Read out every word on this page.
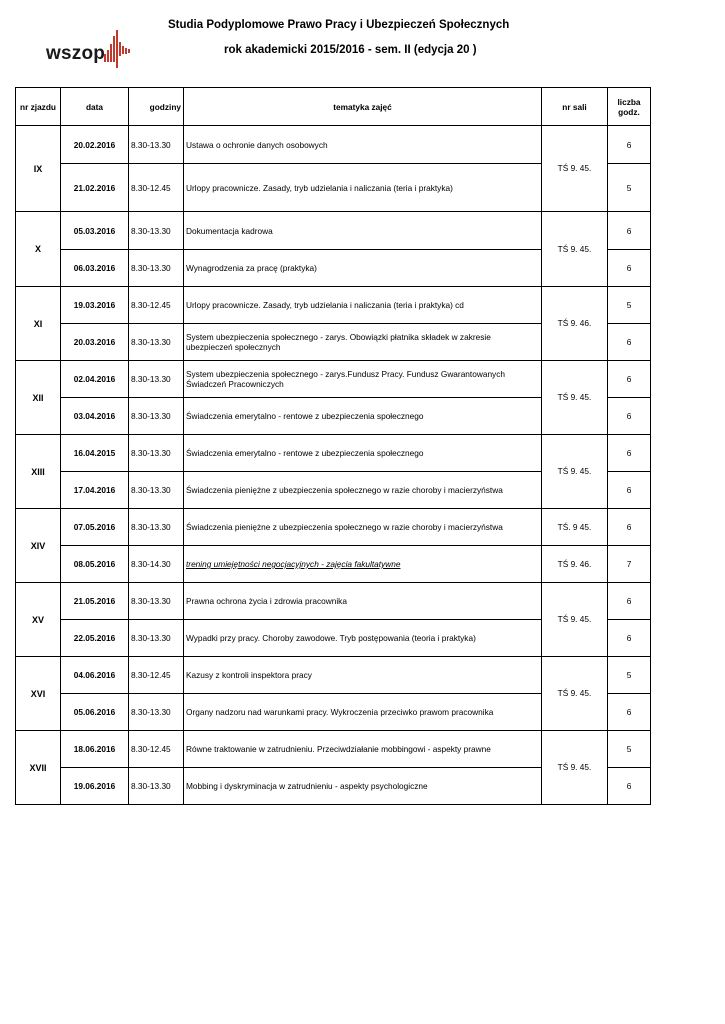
wszop
Studia Podyplomowe Prawo Pracy i Ubezpieczeń Społecznych
rok akademicki 2015/2016 - sem. II (edycja 20 )
nr zjazdu	data	godziny	tematyka zajęć	nr sali	liczba godz.
IX	20.02.2016	8.30-13.30	Ustawa o ochronie danych osobowych	TŚ 9. 45.	6
	21.02.2016	8.30-12.45	Urlopy pracownicze. Zasady, tryb udzielania i naliczania (teria i praktyka)		5
X	05.03.2016	8.30-13.30	Dokumentacja kadrowa	TŚ 9. 45.	6
	06.03.2016	8.30-13.30	Wynagrodzenia za pracę (praktyka)		6
XI	19.03.2016	8.30-12.45	Urlopy pracownicze. Zasady, tryb udzielania i naliczania (teria i praktyka) cd	TŚ 9. 46.	5
	20.03.2016	8.30-13.30	System ubezpieczenia społecznego - zarys. Obowiązki płatnika składek w zakresie ubezpieczeń społecznych		6
XII	02.04.2016	8.30-13.30	System ubezpieczenia społecznego - zarys.Fundusz Pracy. Fundusz Gwarantowanych Świadczeń Pracowniczych	TŚ 9. 45.	6
	03.04.2016	8.30-13.30	Świadczenia emerytalno - rentowe z ubezpieczenia społecznego		6
XIII	16.04.2015	8.30-13.30	Świadczenia emerytalno - rentowe z ubezpieczenia społecznego	TŚ 9. 45.	6
	17.04.2016	8.30-13.30	Świadczenia pieniężne z ubezpieczenia społecznego w razie choroby i macierzyństwa		6
XIV	07.05.2016	8.30-13.30	Świadczenia pieniężne z ubezpieczenia społecznego w razie choroby i macierzyństwa	TŚ. 9 45.	6
	08.05.2016	8.30-14.30	trening umiejętności negocjacyjnych - zajęcia fakultatywne	TŚ 9. 46.	7
XV	21.05.2016	8.30-13.30	Prawna ochrona życia i zdrowia pracownika	TŚ 9. 45.	6
	22.05.2016	8.30-13.30	Wypadki przy pracy. Choroby zawodowe. Tryb postępowania (teoria i praktyka)		6
XVI	04.06.2016	8.30-12.45	Kazusy z kontroli inspektora pracy	TŚ 9. 45.	5
	05.06.2016	8.30-13.30	Organy nadzoru nad warunkami pracy. Wykroczenia przeciwko prawom pracownika		6
XVII	18.06.2016	8.30-12.45	Równe traktowanie w zatrudnieniu. Przeciwdziałanie mobbingowi - aspekty prawne	TŚ 9. 45.	5
	19.06.2016	8.30-13.30	Mobbing i dyskryminacja w zatrudnieniu - aspekty psychologiczne		6
